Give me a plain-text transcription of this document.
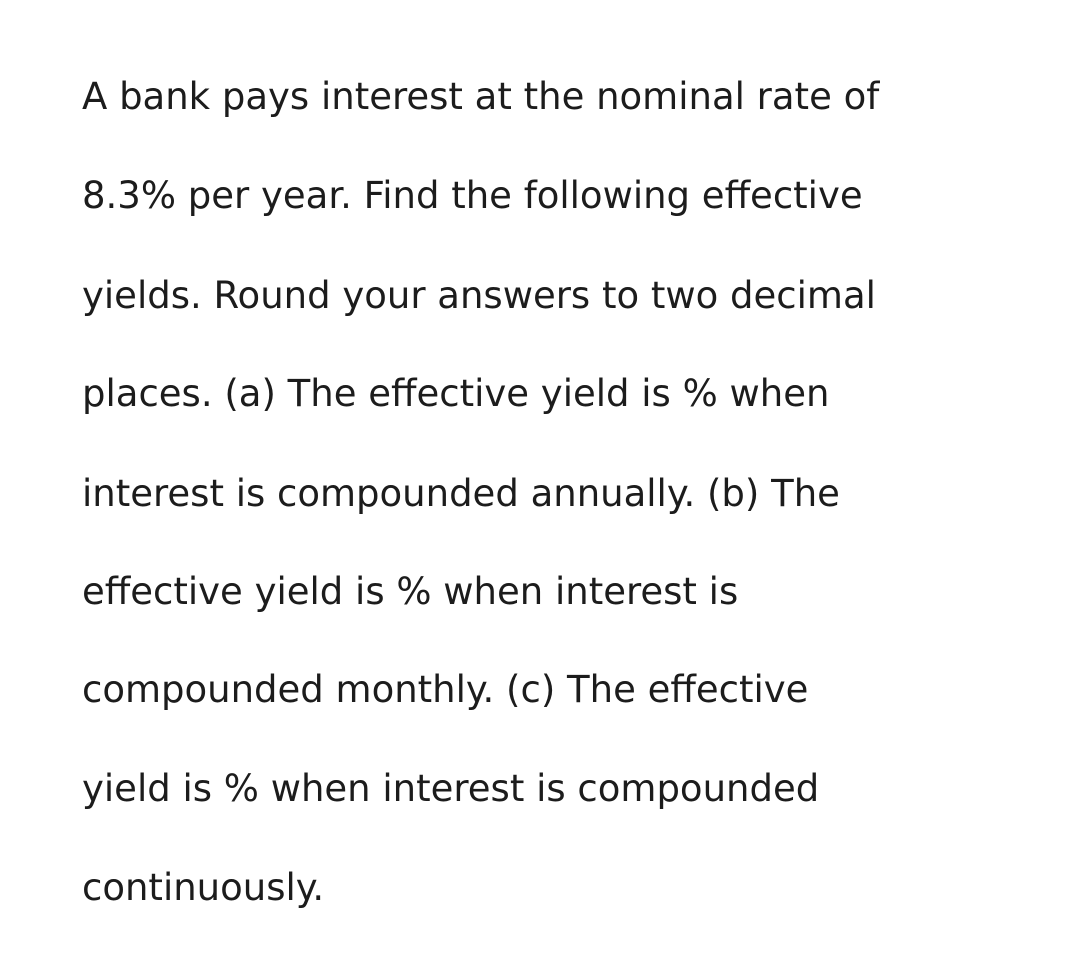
A bank pays interest at the nominal rate of

8.3% per year. Find the following effective

yields. Round your answers to two decimal

places. (a) The effective yield is % when

interest is compounded annually. (b) The

effective yield is % when interest is

compounded monthly. (c) The effective

yield is % when interest is compounded

continuously.
